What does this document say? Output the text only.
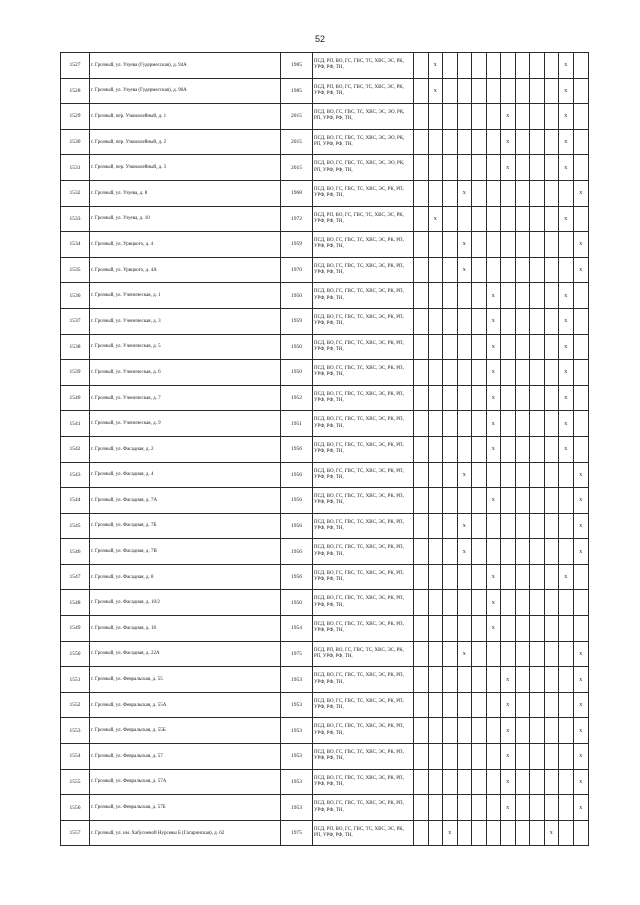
52
1527	г. Грозный, ул. Узуева (Гудермесская), д. 94А	1985	ПСД, РП, ВО, ГС, ГВС, ТС, ХВС, ЭС, РК, УРФ, РФ, ТН,		х									х	
1528	г. Грозный, ул. Узуева (Гудермесская), д. 96А	1985	ПСД, РП, ВО, ГС, ГВС, ТС, ХВС, ЭС, РК, УРФ, РФ, ТН,		х									х	
1529	г. Грозный, пер. Узкоколейный, д. 1	2015	ПСД, ВО, ГС, ГВС, ТС, ХВС, ЭС, ЭО, РК, РП, УРФ, РФ, ТН,							х				х	
1530	г. Грозный, пер. Узкоколейный, д. 2	2015	ПСД, ВО, ГС, ГВС, ТС, ХВС, ЭС, ЭО, РК, РП, УРФ, РФ, ТН,							х				х	
1531	г. Грозный, пер. Узкоколейный, д. 3	2015	ПСД, ВО, ГС, ГВС, ТС, ХВС, ЭС, ЭО, РК, РП, УРФ, РФ, ТН,							х				х	
1532	г. Грозный, ул. Узуева, д. 8	1968	ПСД, ВО, ГС, ГВС, ТС, ХВС, ЭС, РК, РП, УРФ, РФ, ТН,				х								х
1533	г. Грозный, ул. Узуева, д. 10	1972	ПСД, РП, ВО, ГС, ГВС, ТС, ХВС, ЭС, РК, УРФ, РФ, ТН,		х									х	
1534	г. Грозный, ул. Урицкого, д. 4	1959	ПСД, ВО, ГС, ГВС, ТС, ХВС, ЭС, РК, РП, УРФ, РФ, ТН,				х								х
1535	г. Грозный, ул. Урицкого, д. 4А	1970	ПСД, ВО, ГС, ГВС, ТС, ХВС, ЭС, РК, РП, УРФ, РФ, ТН,				х								х
1536	г. Грозный, ул. Ученическая, д. 1	1950	ПСД, ВО, ГС, ГВС, ТС, ХВС, ЭС, РК, РП, УРФ, РФ, ТН,						х					х	
1537	г. Грозный, ул. Ученическая, д. 3	1959	ПСД, ВО, ГС, ГВС, ТС, ХВС, ЭС, РК, РП, УРФ, РФ, ТН,						х					х	
1538	г. Грозный, ул. Ученическая, д. 5	1950	ПСД, ВО, ГС, ГВС, ТС, ХВС, ЭС, РК, РП, УРФ, РФ, ТН,						х					х	
1539	г. Грозный, ул. Ученическая, д. 6	1950	ПСД, ВО, ГС, ГВС, ТС, ХВС, ЭС, РК, РП, УРФ, РФ, ТН,						х					х	
1540	г. Грозный, ул. Ученическая, д. 7	1952	ПСД, ВО, ГС, ГВС, ТС, ХВС, ЭС, РК, РП, УРФ, РФ, ТН,						х					х	
1541	г. Грозный, ул. Ученическая, д. 9	1951	ПСД, ВО, ГС, ГВС, ТС, ХВС, ЭС, РК, РП, УРФ, РФ, ТН,						х					х	
1542	г. Грозный, ул. Фасадная, д. 2	1956	ПСД, ВО, ГС, ГВС, ТС, ХВС, ЭС, РК, РП, УРФ, РФ, ТН,						х					х	
1543	г. Грозный, ул. Фасадная, д. 4	1956	ПСД, ВО, ГС, ГВС, ТС, ХВС, ЭС, РК, РП, УРФ, РФ, ТН,				х								х
1544	г. Грозный, ул. Фасадная, д. 7А	1956	ПСД, ВО, ГС, ГВС, ТС, ХВС, ЭС, РК, РП, УРФ, РФ, ТН,						х						х
1545	г. Грозный, ул. Фасадная, д. 7Б	1956	ПСД, ВО, ГС, ГВС, ТС, ХВС, ЭС, РК, РП, УРФ, РФ, ТН,				х								х
1546	г. Грозный, ул. Фасадная, д. 7В	1956	ПСД, ВО, ГС, ГВС, ТС, ХВС, ЭС, РК, РП, УРФ, РФ, ТН,				х								х
1547	г. Грозный, ул. Фасадная, д. 8	1956	ПСД, ВО, ГС, ГВС, ТС, ХВС, ЭС, РК, РП, УРФ, РФ, ТН,						х					х	
1548	г. Грозный, ул. Фасадная, д. 10/2	1950	ПСД, ВО, ГС, ГВС, ТС, ХВС, ЭС, РК, РП, УРФ, РФ, ТН,						х						
1549	г. Грозный, ул. Фасадная, д. 18	1954	ПСД, ВО, ГС, ГВС, ТС, ХВС, ЭС, РК, РП, УРФ, РФ, ТН,						х						
1550	г. Грозный, ул. Фасадная, д. 22А	1975	ПСД, РП, ВО, ГС, ГВС, ТС, ХВС, ЭС, РК, РП, УРФ, РФ, ТН,				х								х
1551	г. Грозный, ул. Февральская, д. 55	1953	ПСД, ВО, ГС, ГВС, ТС, ХВС, ЭС, РК, РП, УРФ, РФ, ТН,							х					х
1552	г. Грозный, ул. Февральская, д. 55А	1953	ПСД, ВО, ГС, ГВС, ТС, ХВС, ЭС, РК, РП, УРФ, РФ, ТН,							х					х
1553	г. Грозный, ул. Февральская, д. 55Б	1953	ПСД, ВО, ГС, ГВС, ТС, ХВС, ЭС, РК, РП, УРФ, РФ, ТН,							х					х
1554	г. Грозный, ул. Февральская, д. 57	1953	ПСД, ВО, ГС, ГВС, ТС, ХВС, ЭС, РК, РП, УРФ, РФ, ТН,							х					х
1555	г. Грозный, ул. Февральская, д. 57А	1953	ПСД, ВО, ГС, ГВС, ТС, ХВС, ЭС, РК, РП, УРФ, РФ, ТН,							х					х
1556	г. Грозный, ул. Февральская, д. 57Б	1953	ПСД, ВО, ГС, ГВС, ТС, ХВС, ЭС, РК, РП, УРФ, РФ, ТН,							х					х
1557	г. Грозный, ул. им. Хабусиевой Нурсевы Б (Гагаринская), д. 62	1975	ПСД, РП, ВО, ГС, ГВС, ТС, ХВС, ЭС, РК, РП, УРФ, РФ, ТН,			х							х		
